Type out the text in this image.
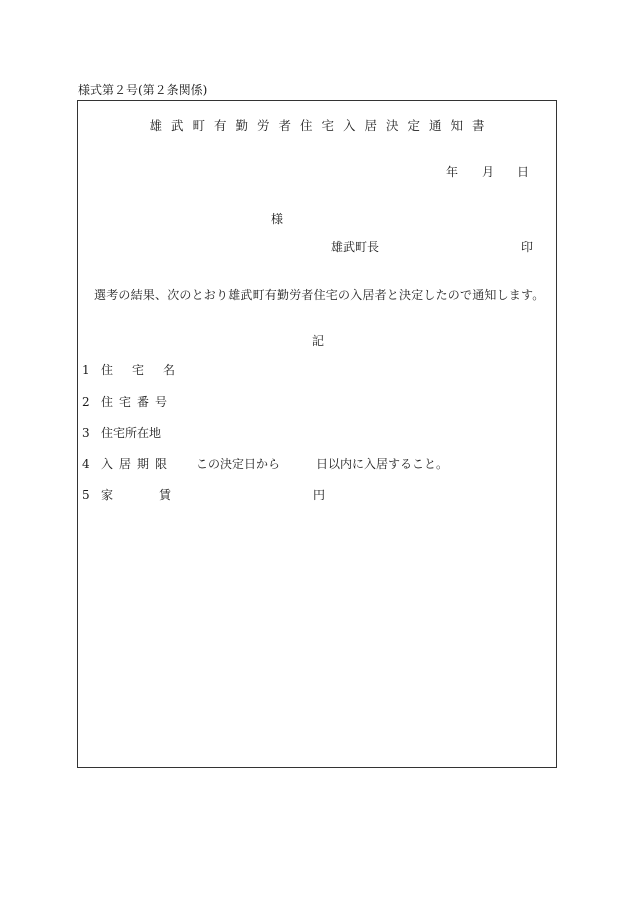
様式第２号(第２条関係)
雄武町有勤労者住宅入居決定通知書
年 月 日
様
雄武町長	印
選考の結果、次のとおり雄武町有勤労者住宅の入居者と決定したので通知します。
記
1 住宅名
2 住宅番号
3 住宅所在地
4 入居期限
5 家賃
この決定日から	日以内に入居すること。
円
